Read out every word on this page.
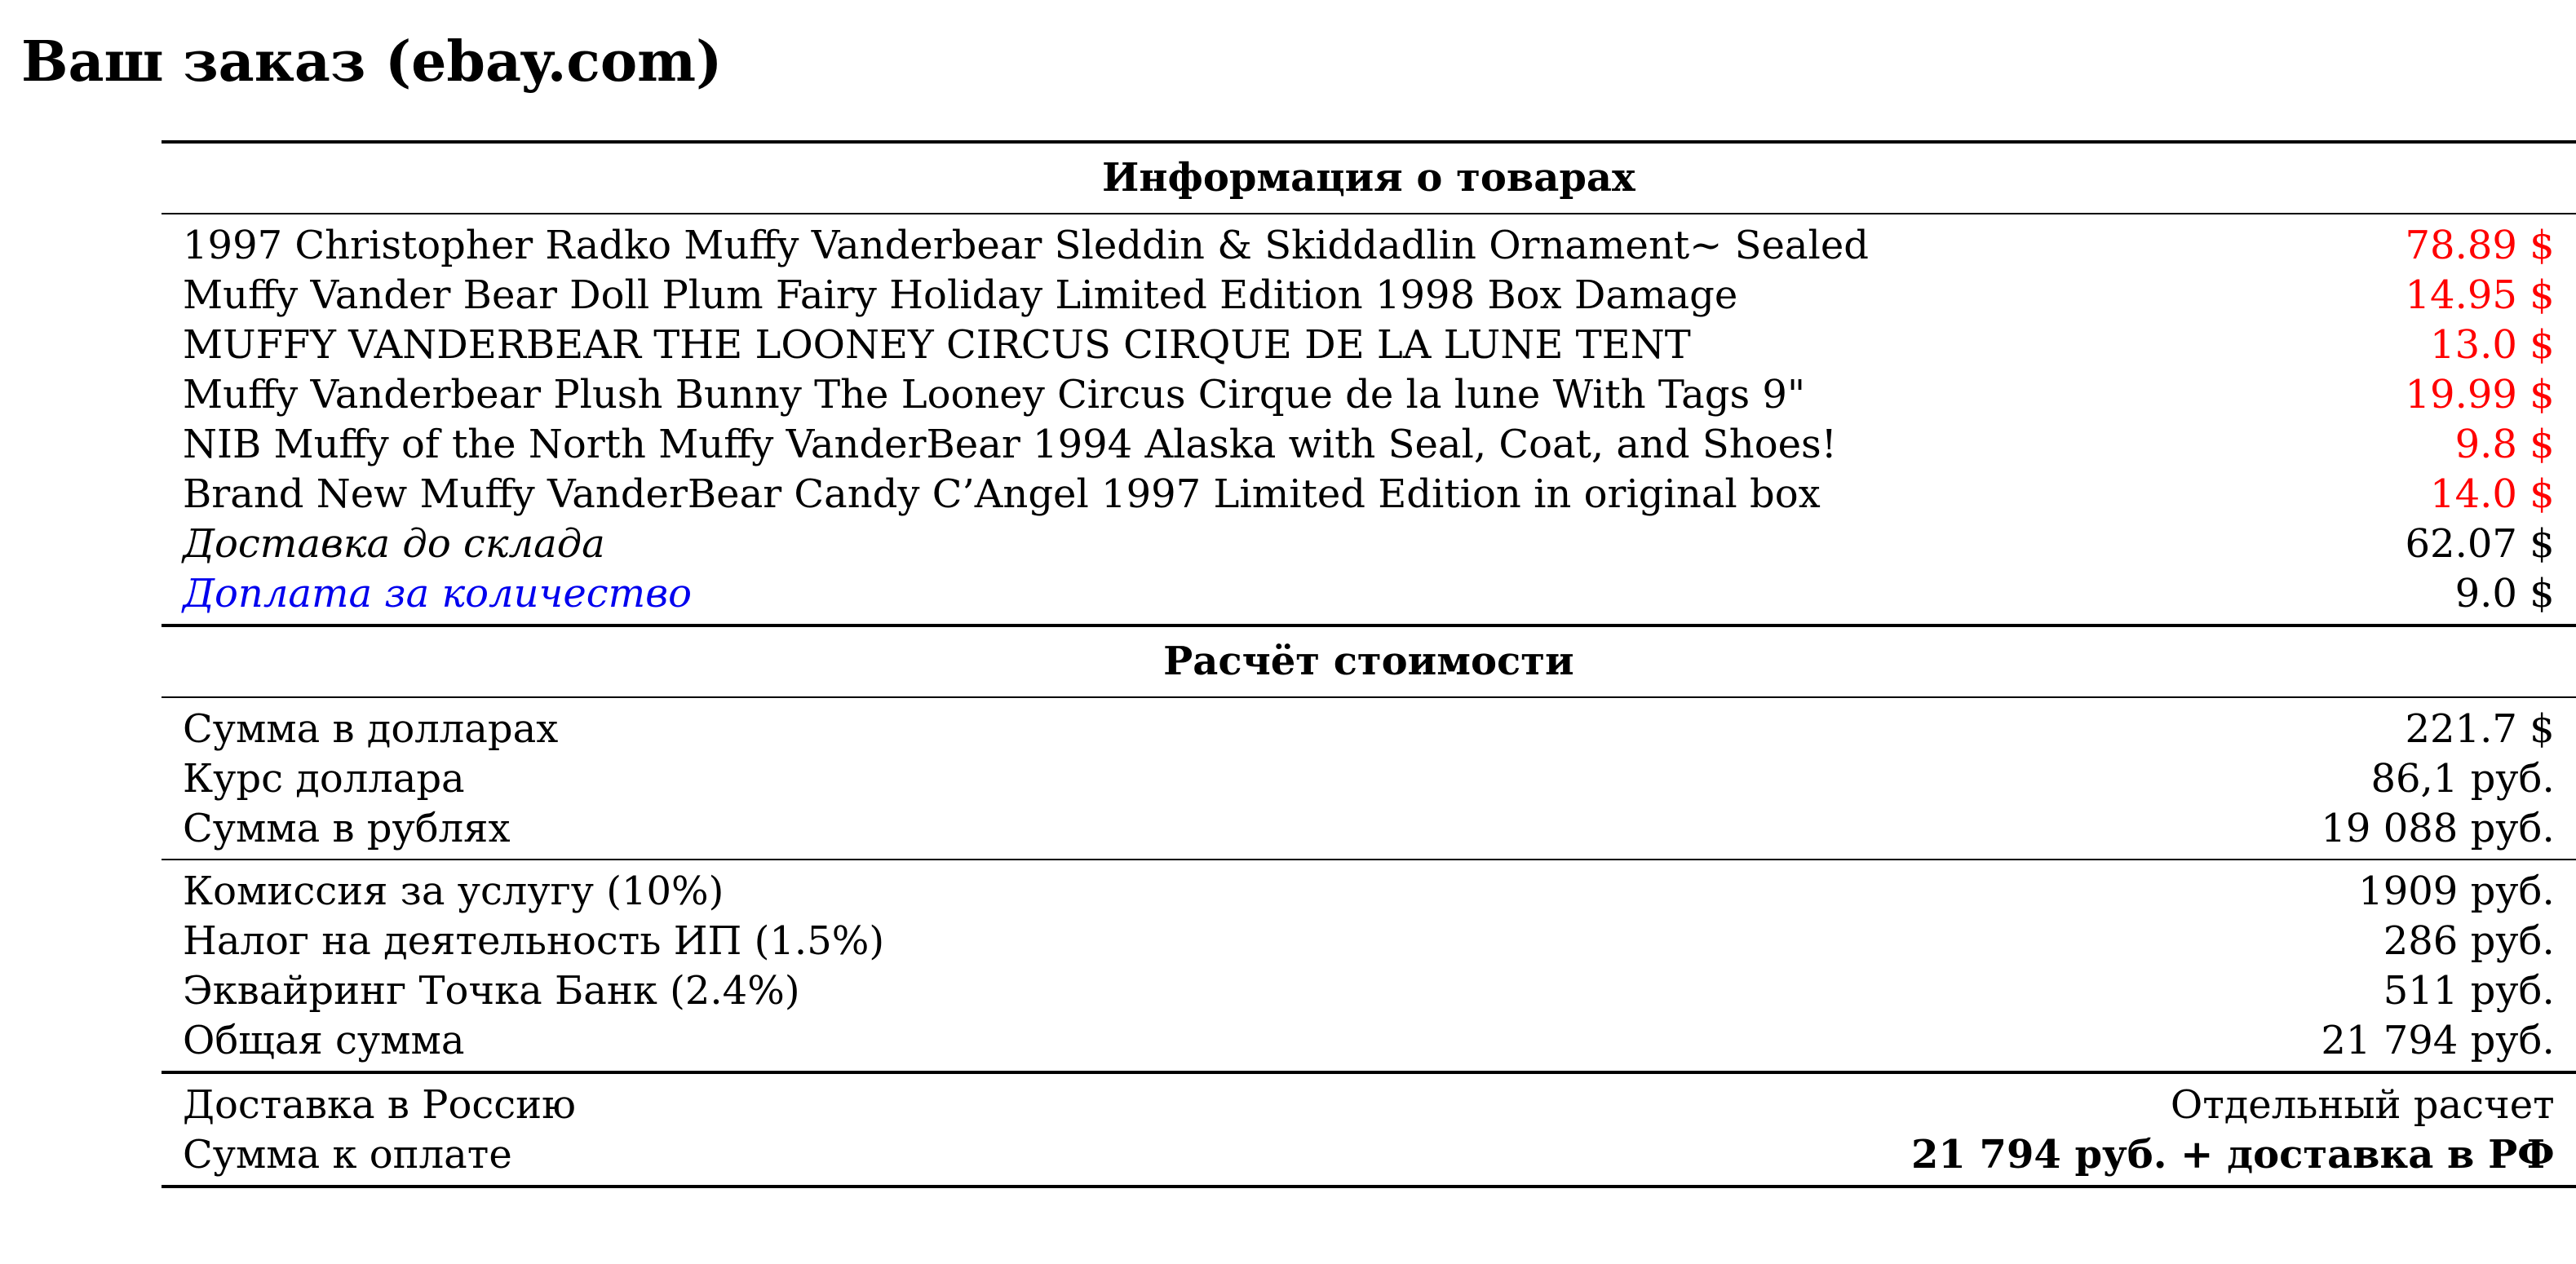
Ваш заказ (ebay.com)
Информация о товарах	
1997 Christopher Radko Muffy Vanderbear Sleddin & Skiddadlin Ornament~ Sealed	78.89 $
Muffy Vander Bear Doll Plum Fairy Holiday Limited Edition 1998 Box Damage	14.95 $
MUFFY VANDERBEAR THE LOONEY CIRCUS CIRQUE DE LA LUNE TENT	13.0 $
Muffy Vanderbear Plush Bunny The Looney Circus Cirque de la lune With Tags 9"	19.99 $
NIB Muffy of the North Muffy VanderBear 1994 Alaska with Seal, Coat, and Shoes!	9.8 $
Brand New Muffy VanderBear Candy C’Angel 1997 Limited Edition in original box	14.0 $
Доставка до склада	62.07 $
Доплата за количество	9.0 $
Расчёт стоимости	
Сумма в долларах	221.7 $
Курс доллара	86,1 руб.
Сумма в рублях	19 088 руб.
Комиссия за услугу (10%)	1909 руб.
Налог на деятельность ИП (1.5%)	286 руб.
Эквайринг Точка Банк (2.4%)	511 руб.
Общая сумма	21 794 руб.
Доставка в Россию	Отдельный расчет
Сумма к оплате	21 794 руб. + доставка в РФ
